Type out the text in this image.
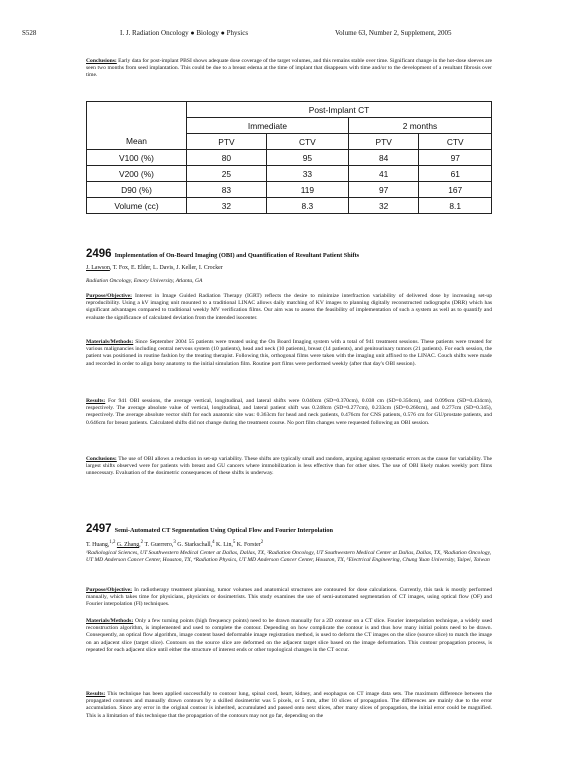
S528	I. J. Radiation Oncology ● Biology ● Physics	Volume 63, Number 2, Supplement, 2005
Conclusions: Early data for post-implant PBSI shows adequate dose coverage of the target volumes, and this remains stable over time. Significant change in the hot-dose sleeves are seen two months from seed implantation. This could be due to a breast edema at the time of implant that disappears with time and/or to the development of a resultant fibrosis over time.
	Post-Implant CT			
	Immediate		2 months	
Mean	PTV	CTV	PTV	CTV
V100 (%)	80	95	84	97
V200 (%)	25	33	41	61
D90 (%)	83	119	97	167
Volume (cc)	32	8.3	32	8.1
2496 Implementation of On-Board Imaging (OBI) and Quantification of Resultant Patient Shifts
J. Lawson, T. Fox, E. Elder, L. Davis, J. Keller, I. Crocker
Radiation Oncology, Emory University, Atlanta, GA
Purpose/Objective: Interest in Image Guided Radiation Therapy (IGRT) reflects the desire to minimize interfraction variability of delivered dose by increasing set-up reproducibility. Using a kV imaging unit mounted to a traditional LINAC allows daily matching of KV images to planning digitally reconstructed radiographs (DRR) which has significant advantages compared to traditional weekly MV verification films. Our aim was to assess the feasibility of implementation of such a system as well as to quantify and evaluate the significance of calculated deviation from the intended isocenter.
Materials/Methods: Since September 2004 55 patients were treated using the On Board Imaging system with a total of 941 treatment sessions. These patients were treated for various malignancies including central nervous system (10 patients), head and neck (10 patients), breast (14 patients), and genitourinary tumors (21 patients). For each session, the patient was positioned in routine fashion by the treating therapist. Following this, orthogonal films were taken with the imaging unit affixed to the LINAC. Couch shifts were made and recorded in order to align bony anatomy to the initial simulation film. Routine port films were performed weekly (after that day's OBI session).
Results: For 941 OBI sessions, the average vertical, longitudinal, and lateral shifts were 0.040cm (SD=0.370cm), 0.038 cm (SD=0.350cm), and 0.099cm (SD=0.434cm), respectively. The average absolute value of vertical, longitudinal, and lateral patient shift was 0.248cm (SD=0.277cm), 0.233cm (SD=0.260cm), and 0.277cm (SD=0.345), respectively. The average absolute vector shift for each anatomic site was: 0.363cm for head and neck patients, 0.476cm for CNS patients, 0.576 cm for GU/prostate patients, and 0.646cm for breast patients. Calculated shifts did not change during the treatment course. No port film changes were requested following an OBI session.
Conclusions: The use of OBI allows a reduction in set-up variability. These shifts are typically small and random, arguing against systematic errors as the cause for variability. The largest shifts observed were for patients with breast and GU cancers where immobilization is less effective than for other sites. The use of OBI likely makes weekly port films unnecessary. Evaluation of the dosimetric consequences of these shifts is underway.
2497 Semi-Automated CT Segmentation Using Optical Flow and Fourier Interpolation
T. Huang,$^{1,2}$ G. Zhang,$^2$ T. Guerrero,$^3$ G. Starkschall,$^4$ K. Lin,$^5$ K. Forster$^2$
¹Radiological Sciences, UT Southwestern Medical Center at Dallas, Dallas, TX, ²Radiation Oncology, UT Southwestern Medical Center at Dallas, Dallas, TX, ³Radiation Oncology, UT MD Anderson Cancer Center, Houston, TX, ⁴Radiation Physics, UT MD Anderson Cancer Center, Houston, TX, ⁵Electrical Engineering, Chung Yuan University, Taipei, Taiwan
Purpose/Objective: In radiotherapy treatment planning, tumor volumes and anatomical structures are contoured for dose calculations. Currently, this task is mostly performed manually, which takes time for physicians, physicists or dosimetrists. This study examines the use of semi-automated segmentation of CT images, using optical flow (OF) and Fourier interpolation (FI) techniques.
Materials/Methods: Only a few turning points (high frequency points) need to be drawn manually for a 2D contour on a CT slice. Fourier interpolation technique, a widely used reconstruction algorithm, is implemented and used to complete the contour. Depending on how complicate the contour is and thus how many initial points need to be drawn. Consequently, an optical flow algorithm, image content based deformable image registration method, is used to deform the CT images on the slice (source slice) to match the image on an adjacent slice (target slice). Contours on the source slice are deformed on the adjacent target slice based on the image deformation. This contour propagation process, is repeated for each adjacent slice until either the structure of interest ends or other topological changes in the CT occur.
Results: This technique has been applied successfully to contour lung, spinal cord, heart, kidney, and esophagus on CT image data sets. The maximum difference between the propagated contours and manually drawn contours by a skilled dosimetrist was 5 pixels, or 5 mm, after 10 slices of propagation. The differences are mainly due to the error accumulation. Since any error in the original contour is inherited, accumulated and passed onto next slices, after many slices of propagation, the initial error could be magnified. This is a limitation of this technique that the propagation of the contours may not go far, depending on the
